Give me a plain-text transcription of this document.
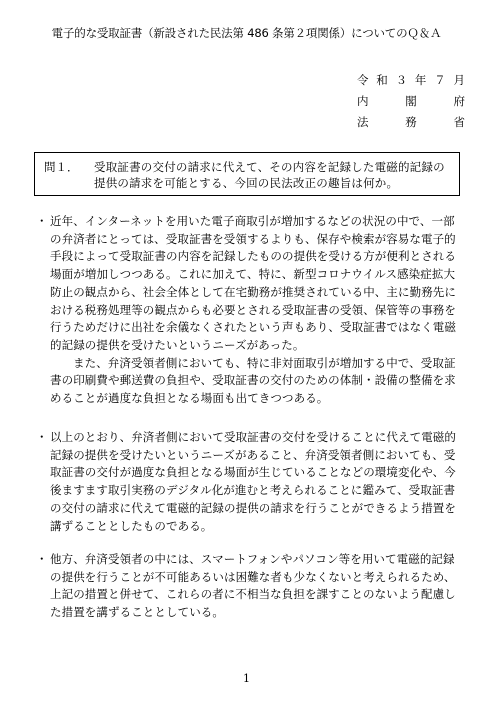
電子的な受取証書（新設された民法第 486 条第２項関係）についてのＱ＆Ａ
令 和 ３ 年 ７ 月
内	閣	府
法	務	省
問１． 受取証書の交付の請求に代えて、その内容を記録した電磁的記録の提供の請求を可能とする、今回の民法改正の趣旨は何か。
・ 近年、インターネットを用いた電子商取引が増加するなどの状況の中で、一部の弁済者にとっては、受取証書を受領するよりも、保存や検索が容易な電子的手段によって受取証書の内容を記録したものの提供を受ける方が便利とされる場面が増加しつつある。これに加えて、特に、新型コロナウイルス感染症拡大防止の観点から、社会全体として在宅勤務が推奨されている中、主に勤務先における税務処理等の観点からも必要とされる受取証書の受領、保管等の事務を行うためだけに出社を余儀なくされたという声もあり、受取証書ではなく電磁的記録の提供を受けたいというニーズがあった。
また、弁済受領者側においても、特に非対面取引が増加する中で、受取証書の印刷費や郵送費の負担や、受取証書の交付のための体制・設備の整備を求めることが過度な負担となる場面も出てきつつある。
・ 以上のとおり、弁済者側において受取証書の交付を受けることに代えて電磁的記録の提供を受けたいというニーズがあること、弁済受領者側においても、受取証書の交付が過度な負担となる場面が生じていることなどの環境変化や、今後ますます取引実務のデジタル化が進むと考えられることに鑑みて、受取証書の交付の請求に代えて電磁的記録の提供の請求を行うことができるよう措置を講ずることとしたものである。
・ 他方、弁済受領者の中には、スマートフォンやパソコン等を用いて電磁的記録の提供を行うことが不可能あるいは困難な者も少なくないと考えられるため、上記の措置と併せて、これらの者に不相当な負担を課すことのないよう配慮した措置を講ずることとしている。
1
